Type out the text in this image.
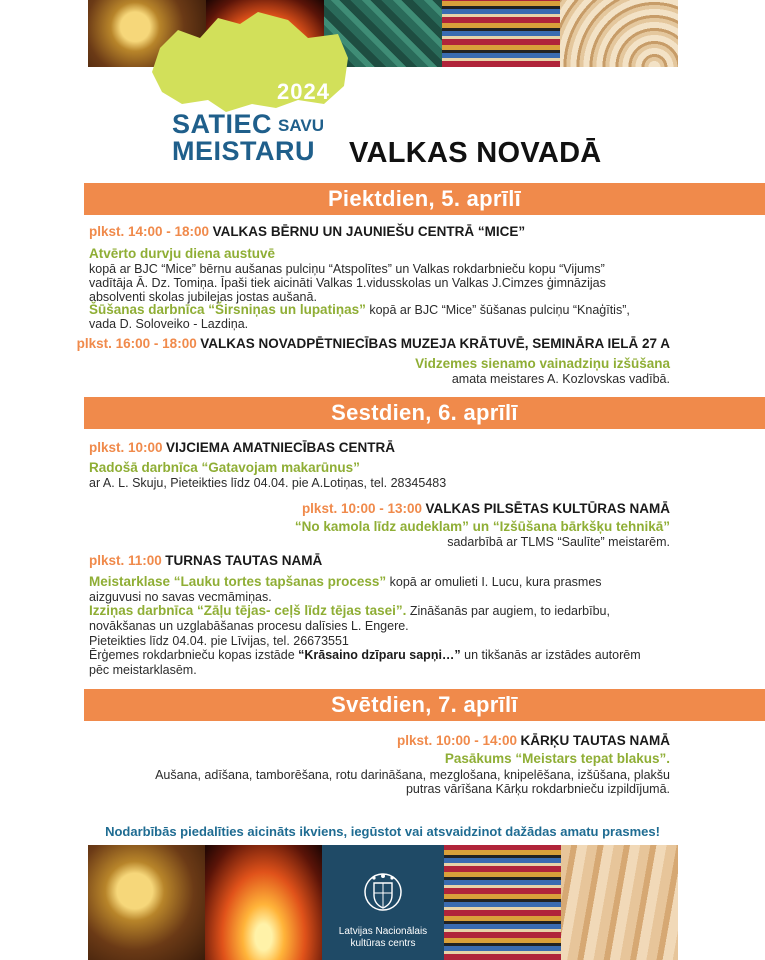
2024
SATIEC SAVU
MEISTARU VALKAS NOVADĀ
Piektdien, 5. aprīlī
plkst. 14:00 - 18:00 VALKAS BĒRNU UN JAUNIEŠU CENTRĀ “MICE”
Atvērto durvju diena austuvē
kopā ar BJC “Mice” bērnu aušanas pulciņu “Atspolītes” un Valkas rokdarbnieču kopu “Vijums”
vadītāja Ā. Dz. Tomiņa. Īpaši tiek aicināti Valkas 1.vidusskolas un Valkas J.Cimzes ģimnāzijas
absolventi skolas jubilejas jostas aušanā.
Šūšanas darbnīca “Širsniņas un lupatiņas” kopā ar BJC “Mice” šūšanas pulciņu “Knaģītis”,
vada D. Soloveiko - Lazdiņa.
plkst. 16:00 - 18:00 VALKAS NOVADPĒTNIECĪBAS MUZEJA KRĀTUVĒ, SEMINĀRA IELĀ 27 A
Vidzemes sienamo vainadziņu izšūšana
amata meistares A. Kozlovskas vadībā.
Sestdien, 6. aprīlī
plkst. 10:00 VIJCIEMA AMATNIECĪBAS CENTRĀ
Radošā darbnīca “Gatavojam makarūnus”
ar A. L. Skuju, Pieteikties līdz 04.04. pie A.Lotiņas, tel. 28345483
plkst. 10:00 - 13:00 VALKAS PILSĒTAS KULTŪRAS NAMĀ
“No kamola līdz audeklam” un “Izšūšana bārkšķu tehnikā”
sadarbībā ar TLMS “Saulīte” meistarēm.
plkst. 11:00 TURNAS TAUTAS NAMĀ
Meistarklase “Lauku tortes tapšanas process” kopā ar omulieti I. Lucu, kura prasmes
aizguvusi no savas vecmāmiņas.
Izziņas darbnīca “Zāļu tējas- ceļš līdz tējas tasei”. Zināšanās par augiem, to iedarbību,
novākšanas un uzglabāšanas procesu dalīsies L. Engere.
Pieteikties līdz 04.04. pie Līvijas, tel. 26673551
Ērģemes rokdarbnieču kopas izstāde “Krāsaino dzīparu sapņi…” un tikšanās ar izstādes autorēm
pēc meistarklasēm.
Svētdien, 7. aprīlī
plkst. 10:00 - 14:00 KĀRĶU TAUTAS NAMĀ
Pasākums “Meistars tepat blakus”.
Aušana, adīšana, tamborēšana, rotu darināšana, mezglošana, knipelēšana, izšūšana, plakšu
putras vārīšana Kārķu rokdarbnieču izpildījumā.
Nodarbībās piedalīties aicināts ikviens, iegūstot vai atsvaidzinot dažādas amatu prasmes!
Latvijas Nacionālais
kultūras centrs
